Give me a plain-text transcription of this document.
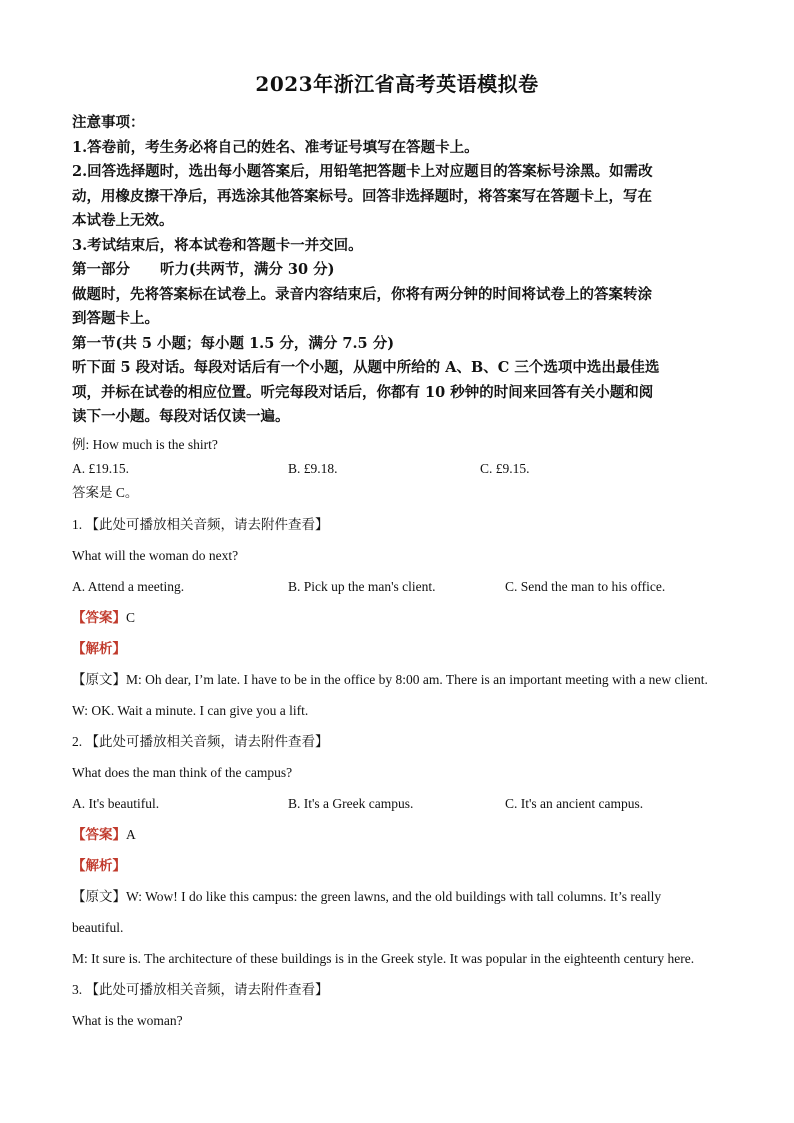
2023年浙江省高考英语模拟卷

注意事项：

1.答卷前，考生务必将自己的姓名、准考证号填写在答题卡上。

2.回答选择题时，选出每小题答案后，用铅笔把答题卡上对应题目的答案标号涂黑。如需改

动，用橡皮擦干净后，再选涂其他答案标号。回答非选择题时，将答案写在答题卡上，写在

本试卷上无效。

3.考试结束后，将本试卷和答题卡一并交回。

第一部分 听力(共两节，满分 30 分)

做题时，先将答案标在试卷上。录音内容结束后，你将有两分钟的时间将试卷上的答案转涂

到答题卡上。

第一节(共 5 小题；每小题 1.5 分，满分 7.5 分)

听下面 5 段对话。每段对话后有一个小题，从题中所给的 A、B、C 三个选项中选出最佳选

项，并标在试卷的相应位置。听完每段对话后，你都有 10 秒钟的时间来回答有关小题和阅

读下一小题。每段对话仅读一遍。

例: How much is the shirt?

A. £19.15.	B. £9.18.	C. £9.15.

答案是 C。

1. 【此处可播放相关音频，请去附件查看】

What will the woman do next?

A. Attend a meeting.	B. Pick up the man's client.	C. Send the man to his office.

【答案】C

【解析】

【原文】M: Oh dear, I’m late. I have to be in the office by 8:00 am. There is an important meeting with a new client.

W: OK. Wait a minute. I can give you a lift.

2. 【此处可播放相关音频，请去附件查看】

What does the man think of the campus?

A. It's beautiful.	B. It's a Greek campus.	C. It's an ancient campus.

【答案】A

【解析】

【原文】W: Wow! I do like this campus: the green lawns, and the old buildings with tall columns. It’s really

beautiful.

M: It sure is. The architecture of these buildings is in the Greek style. It was popular in the eighteenth century here.

3. 【此处可播放相关音频，请去附件查看】

What is the woman?
